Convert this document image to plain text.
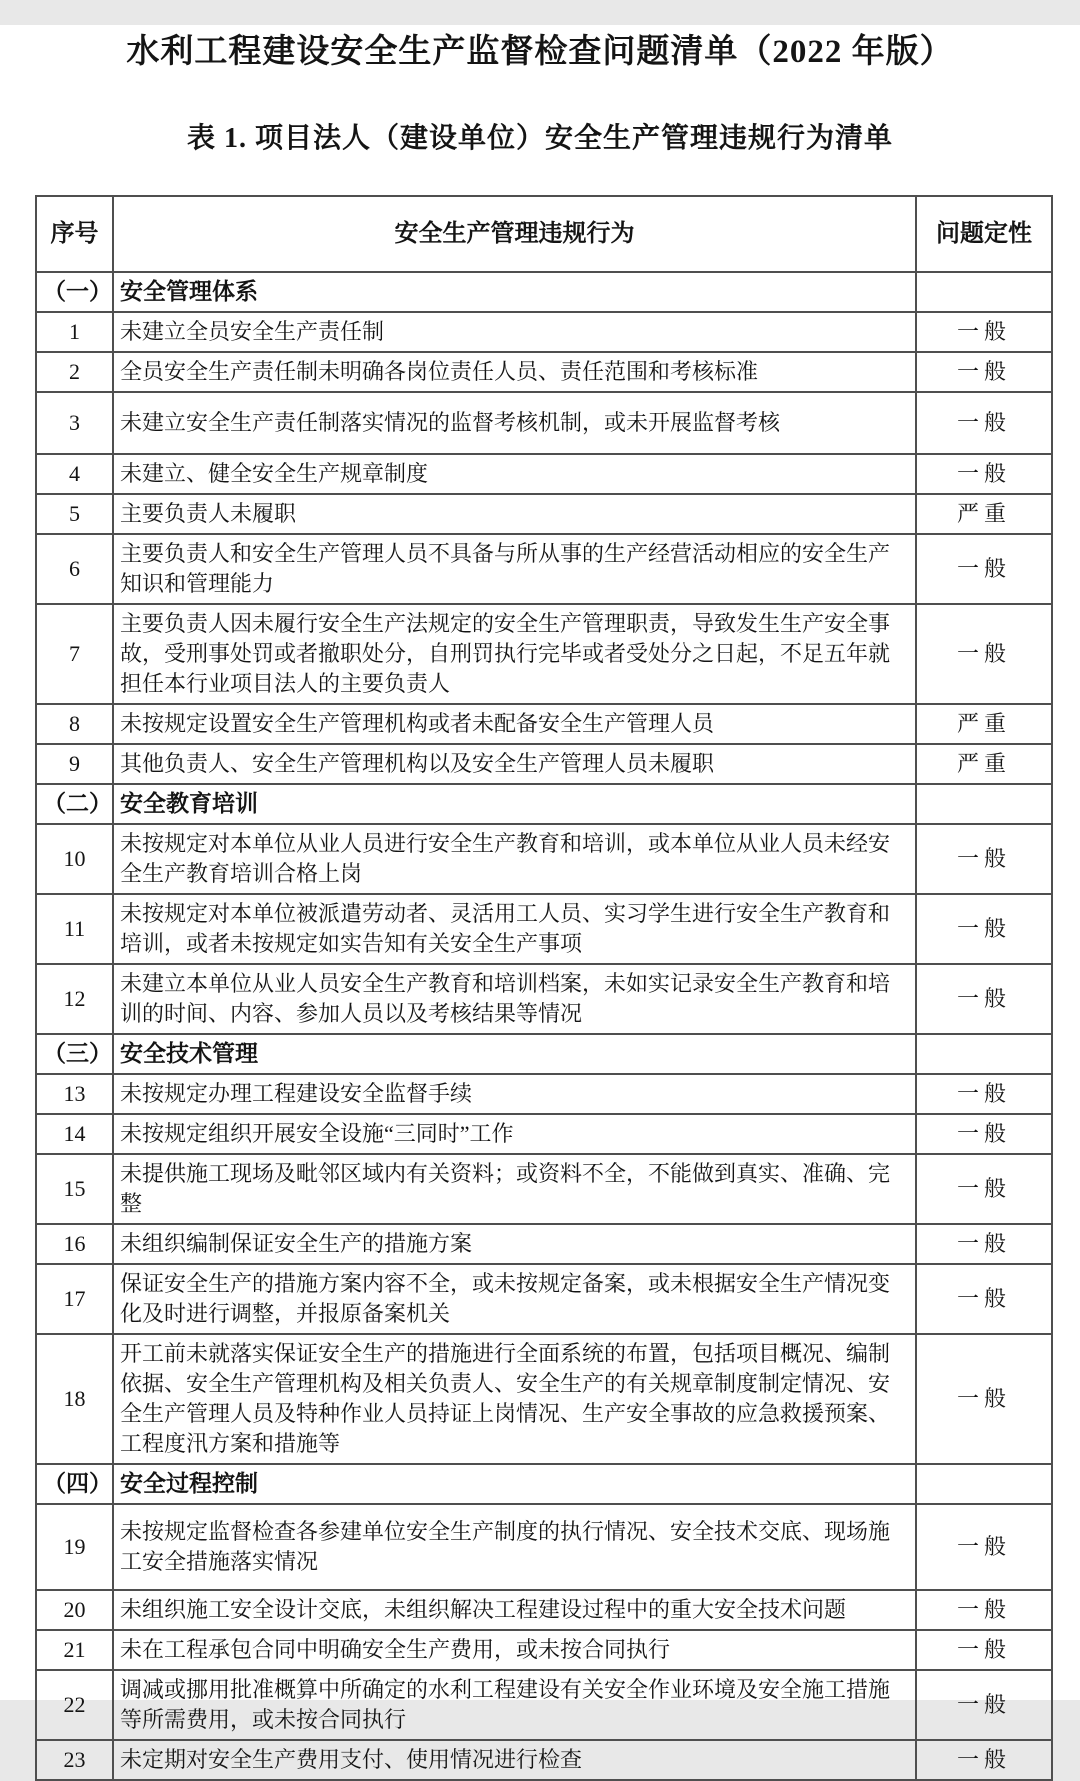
水利工程建设安全生产监督检查问题清单（2022 年版）
表 1. 项目法人（建设单位）安全生产管理违规行为清单
序号	安全生产管理违规行为	问题定性
（一）	安全管理体系	
1	未建立全员安全生产责任制	一般
2	全员安全生产责任制未明确各岗位责任人员、责任范围和考核标准	一般
3	未建立安全生产责任制落实情况的监督考核机制，或未开展监督考核	一般
4	未建立、健全安全生产规章制度	一般
5	主要负责人未履职	严重
6	主要负责人和安全生产管理人员不具备与所从事的生产经营活动相应的安全生产知识和管理能力	一般
7	主要负责人因未履行安全生产法规定的安全生产管理职责，导致发生生产安全事故，受刑事处罚或者撤职处分，自刑罚执行完毕或者受处分之日起，不足五年就担任本行业项目法人的主要负责人	一般
8	未按规定设置安全生产管理机构或者未配备安全生产管理人员	严重
9	其他负责人、安全生产管理机构以及安全生产管理人员未履职	严重
（二）	安全教育培训	
10	未按规定对本单位从业人员进行安全生产教育和培训，或本单位从业人员未经安全生产教育培训合格上岗	一般
11	未按规定对本单位被派遣劳动者、灵活用工人员、实习学生进行安全生产教育和培训，或者未按规定如实告知有关安全生产事项	一般
12	未建立本单位从业人员安全生产教育和培训档案，未如实记录安全生产教育和培训的时间、内容、参加人员以及考核结果等情况	一般
（三）	安全技术管理	
13	未按规定办理工程建设安全监督手续	一般
14	未按规定组织开展安全设施“三同时”工作	一般
15	未提供施工现场及毗邻区域内有关资料；或资料不全，不能做到真实、准确、完整	一般
16	未组织编制保证安全生产的措施方案	一般
17	保证安全生产的措施方案内容不全，或未按规定备案，或未根据安全生产情况变化及时进行调整，并报原备案机关	一般
18	开工前未就落实保证安全生产的措施进行全面系统的布置，包括项目概况、编制依据、安全生产管理机构及相关负责人、安全生产的有关规章制度制定情况、安全生产管理人员及特种作业人员持证上岗情况、生产安全事故的应急救援预案、工程度汛方案和措施等	一般
（四）	安全过程控制	
19	未按规定监督检查各参建单位安全生产制度的执行情况、安全技术交底、现场施工安全措施落实情况	一般
20	未组织施工安全设计交底，未组织解决工程建设过程中的重大安全技术问题	一般
21	未在工程承包合同中明确安全生产费用，或未按合同执行	一般
22	调减或挪用批准概算中所确定的水利工程建设有关安全作业环境及安全施工措施等所需费用，或未按合同执行	一般
23	未定期对安全生产费用支付、使用情况进行检查	一般
